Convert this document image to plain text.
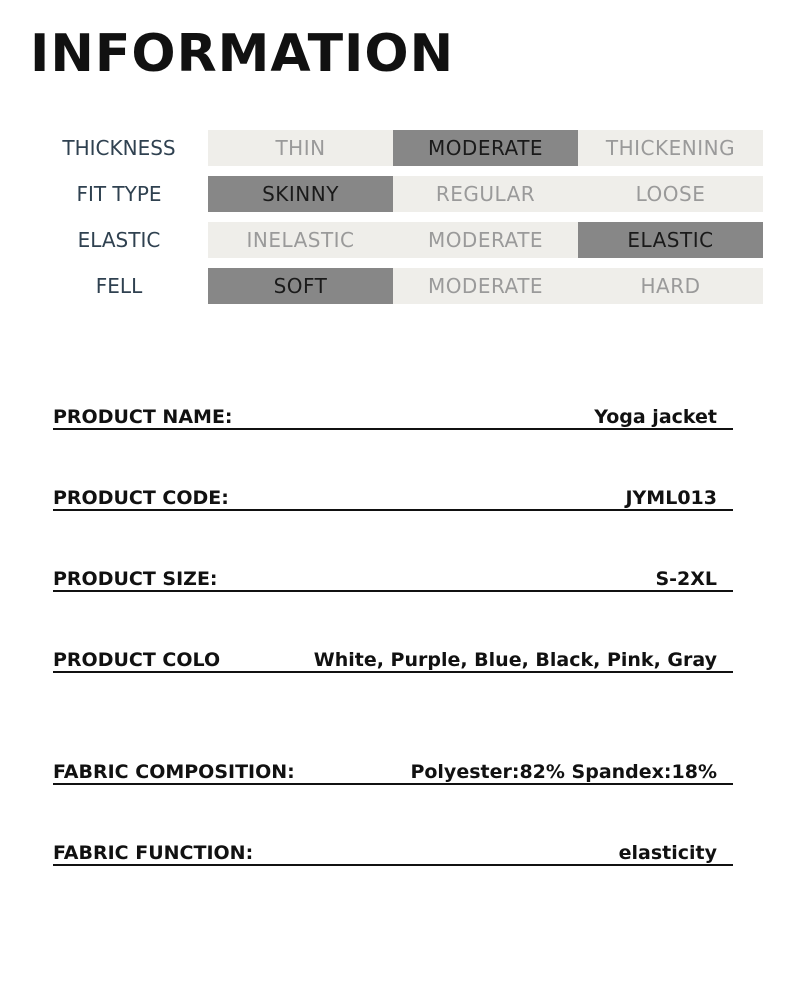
INFORMATION
THICKNESS	THIN	MODERATE	THICKENING
FIT TYPE	SKINNY	REGULAR	LOOSE
ELASTIC	INELASTIC	MODERATE	ELASTIC
FELL	SOFT	MODERATE	HARD
PRODUCT NAME:	Yoga jacket
PRODUCT CODE:	JYML013
PRODUCT SIZE:	S-2XL
PRODUCT COLO	White, Purple, Blue, Black, Pink, Gray
FABRIC COMPOSITION:	Polyester:82% Spandex:18%
FABRIC FUNCTION:	elasticity
